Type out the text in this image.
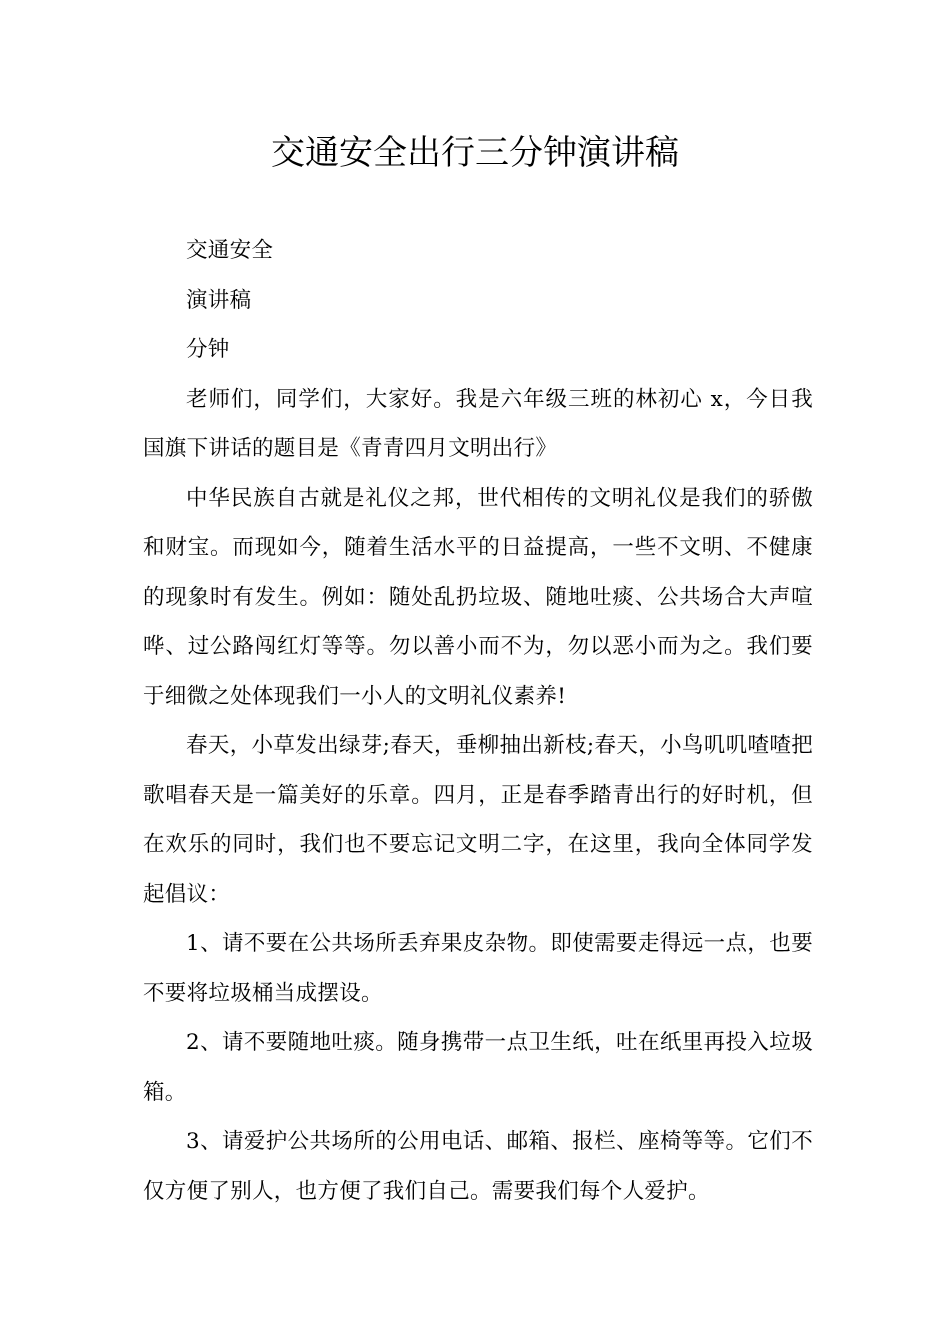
交通安全出行三分钟演讲稿

交通安全

演讲稿

分钟

老师们，同学们，大家好。我是六年级三班的林初心 x，今日我国旗下讲话的题目是《青青四月文明出行》

中华民族自古就是礼仪之邦，世代相传的文明礼仪是我们的骄傲和财宝。而现如今，随着生活水平的日益提高，一些不文明、不健康的现象时有发生。例如：随处乱扔垃圾、随地吐痰、公共场合大声喧哗、过公路闯红灯等等。勿以善小而不为，勿以恶小而为之。我们要于细微之处体现我们一小人的文明礼仪素养!

春天，小草发出绿芽;春天，垂柳抽出新枝;春天，小鸟叽叽喳喳把歌唱春天是一篇美好的乐章。四月，正是春季踏青出行的好时机，但在欢乐的同时，我们也不要忘记文明二字，在这里，我向全体同学发起倡议：

1、请不要在公共场所丢弃果皮杂物。即使需要走得远一点，也要不要将垃圾桶当成摆设。

2、请不要随地吐痰。随身携带一点卫生纸，吐在纸里再投入垃圾箱。

3、请爱护公共场所的公用电话、邮箱、报栏、座椅等等。它们不仅方便了别人，也方便了我们自己。需要我们每个人爱护。
